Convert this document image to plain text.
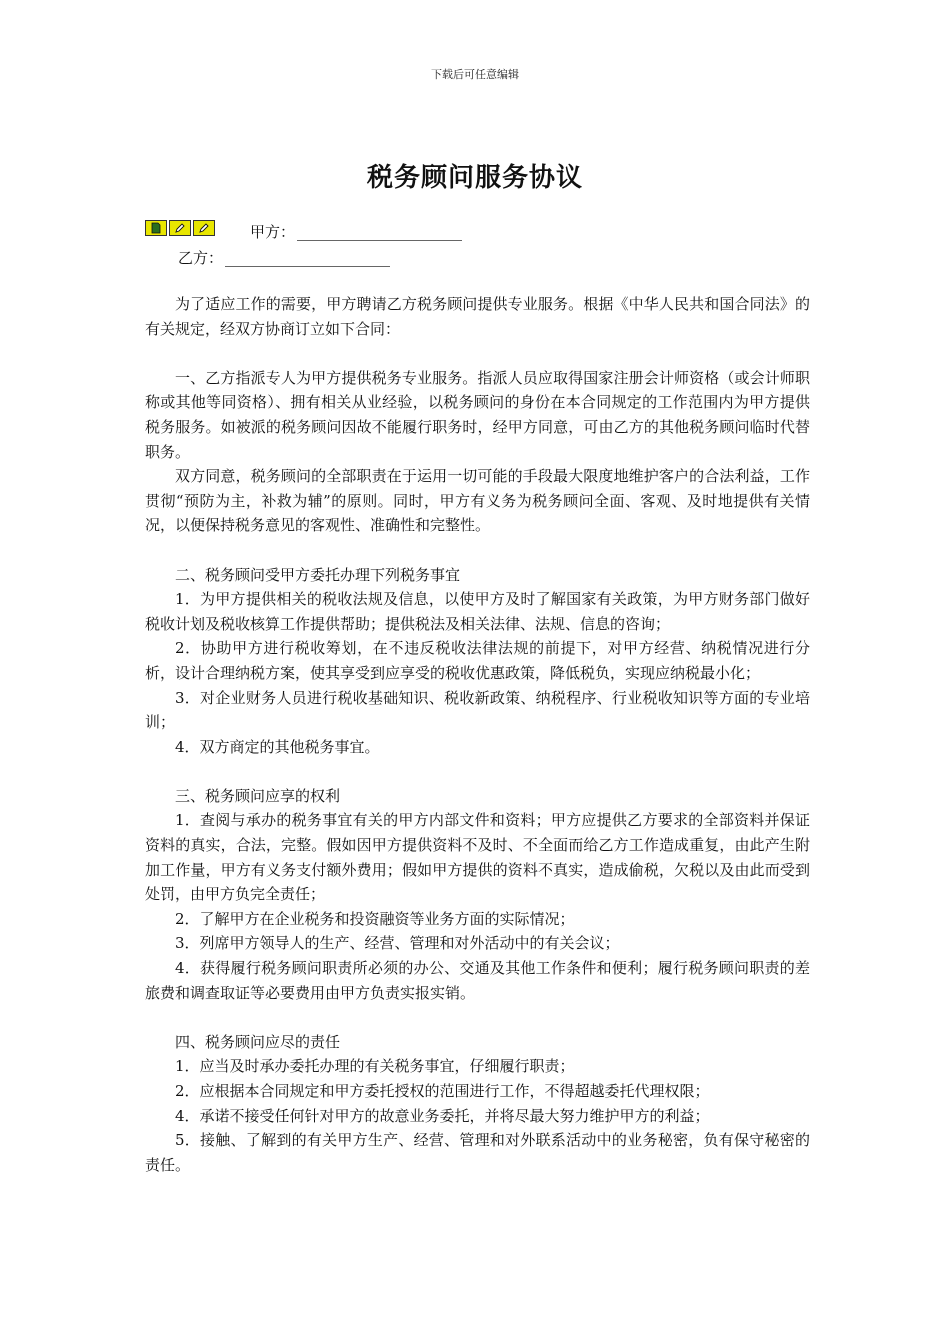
下载后可任意编辑
税务顾问服务协议
甲方：
乙方：

为了适应工作的需要，甲方聘请乙方税务顾问提供专业服务。根据《中华人民共和国合同法》的有关规定，经双方协商订立如下合同：

一、乙方指派专人为甲方提供税务专业服务。指派人员应取得国家注册会计师资格（或会计师职称或其他等同资格）、拥有相关从业经验，以税务顾问的身份在本合同规定的工作范围内为甲方提供税务服务。如被派的税务顾问因故不能履行职务时，经甲方同意，可由乙方的其他税务顾问临时代替职务。

双方同意，税务顾问的全部职责在于运用一切可能的手段最大限度地维护客户的合法利益，工作贯彻“预防为主，补救为辅”的原则。同时，甲方有义务为税务顾问全面、客观、及时地提供有关情况，以便保持税务意见的客观性、准确性和完整性。

二、税务顾问受甲方委托办理下列税务事宜

1．为甲方提供相关的税收法规及信息，以使甲方及时了解国家有关政策，为甲方财务部门做好税收计划及税收核算工作提供帮助；提供税法及相关法律、法规、信息的咨询；

2．协助甲方进行税收筹划，在不违反税收法律法规的前提下，对甲方经营、纳税情况进行分析，设计合理纳税方案，使其享受到应享受的税收优惠政策，降低税负，实现应纳税最小化；

3．对企业财务人员进行税收基础知识、税收新政策、纳税程序、行业税收知识等方面的专业培训；

4．双方商定的其他税务事宜。

三、税务顾问应享的权利

1．查阅与承办的税务事宜有关的甲方内部文件和资料；甲方应提供乙方要求的全部资料并保证资料的真实，合法，完整。假如因甲方提供资料不及时、不全面而给乙方工作造成重复，由此产生附加工作量，甲方有义务支付额外费用；假如甲方提供的资料不真实，造成偷税，欠税以及由此而受到处罚，由甲方负完全责任；

2．了解甲方在企业税务和投资融资等业务方面的实际情况；

3．列席甲方领导人的生产、经营、管理和对外活动中的有关会议；

4．获得履行税务顾问职责所必须的办公、交通及其他工作条件和便利；履行税务顾问职责的差旅费和调查取证等必要费用由甲方负责实报实销。

四、税务顾问应尽的责任

1．应当及时承办委托办理的有关税务事宜，仔细履行职责；

2．应根据本合同规定和甲方委托授权的范围进行工作，不得超越委托代理权限；

4．承诺不接受任何针对甲方的故意业务委托，并将尽最大努力维护甲方的利益；

5．接触、了解到的有关甲方生产、经营、管理和对外联系活动中的业务秘密，负有保守秘密的责任。
